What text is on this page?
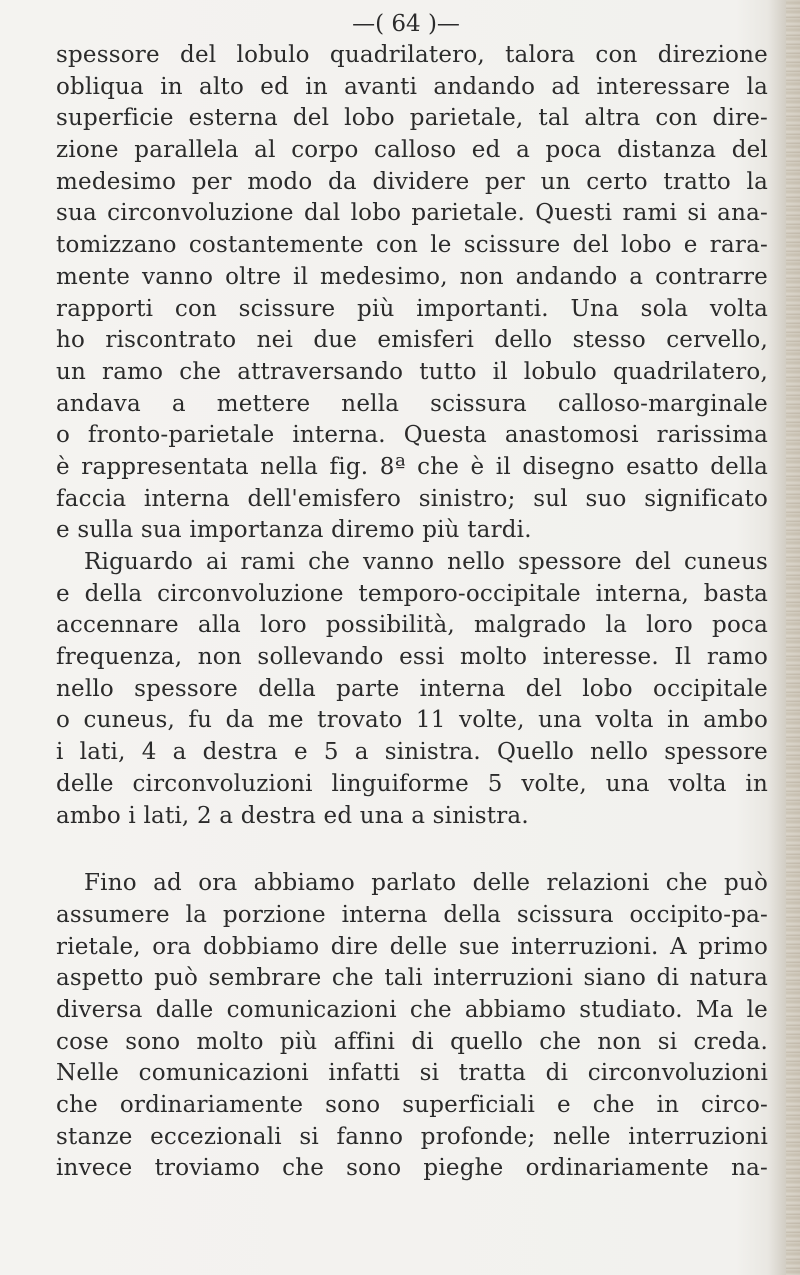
—( 64 )—
spessore del lobulo quadrilatero, talora con direzione
obliqua in alto ed in avanti andando ad interessare la
superficie esterna del lobo parietale, tal altra con dire-
zione parallela al corpo calloso ed a poca distanza del
medesimo per modo da dividere per un certo tratto la
sua circonvoluzione dal lobo parietale. Questi rami si ana-
tomizzano costantemente con le scissure del lobo e rara-
mente vanno oltre il medesimo, non andando a contrarre
rapporti con scissure più importanti. Una sola volta
ho riscontrato nei due emisferi dello stesso cervello,
un ramo che attraversando tutto il lobulo quadrilatero,
andava a mettere nella scissura calloso-marginale
o fronto-parietale interna. Questa anastomosi rarissima
è rappresentata nella fig. 8ª che è il disegno esatto della
faccia interna dell'emisfero sinistro; sul suo significato
e sulla sua importanza diremo più tardi.
Riguardo ai rami che vanno nello spessore del cuneus
e della circonvoluzione temporo-occipitale interna, basta
accennare alla loro possibilità, malgrado la loro poca
frequenza, non sollevando essi molto interesse. Il ramo
nello spessore della parte interna del lobo occipitale
o cuneus, fu da me trovato 11 volte, una volta in ambo
i lati, 4 a destra e 5 a sinistra. Quello nello spessore
delle circonvoluzioni linguiforme 5 volte, una volta in
ambo i lati, 2 a destra ed una a sinistra.
Fino ad ora abbiamo parlato delle relazioni che può
assumere la porzione interna della scissura occipito-pa-
rietale, ora dobbiamo dire delle sue interruzioni. A primo
aspetto può sembrare che tali interruzioni siano di natura
diversa dalle comunicazioni che abbiamo studiato. Ma le
cose sono molto più affini di quello che non si creda.
Nelle comunicazioni infatti si tratta di circonvoluzioni
che ordinariamente sono superficiali e che in circo-
stanze eccezionali si fanno profonde; nelle interruzioni
invece troviamo che sono pieghe ordinariamente na-
